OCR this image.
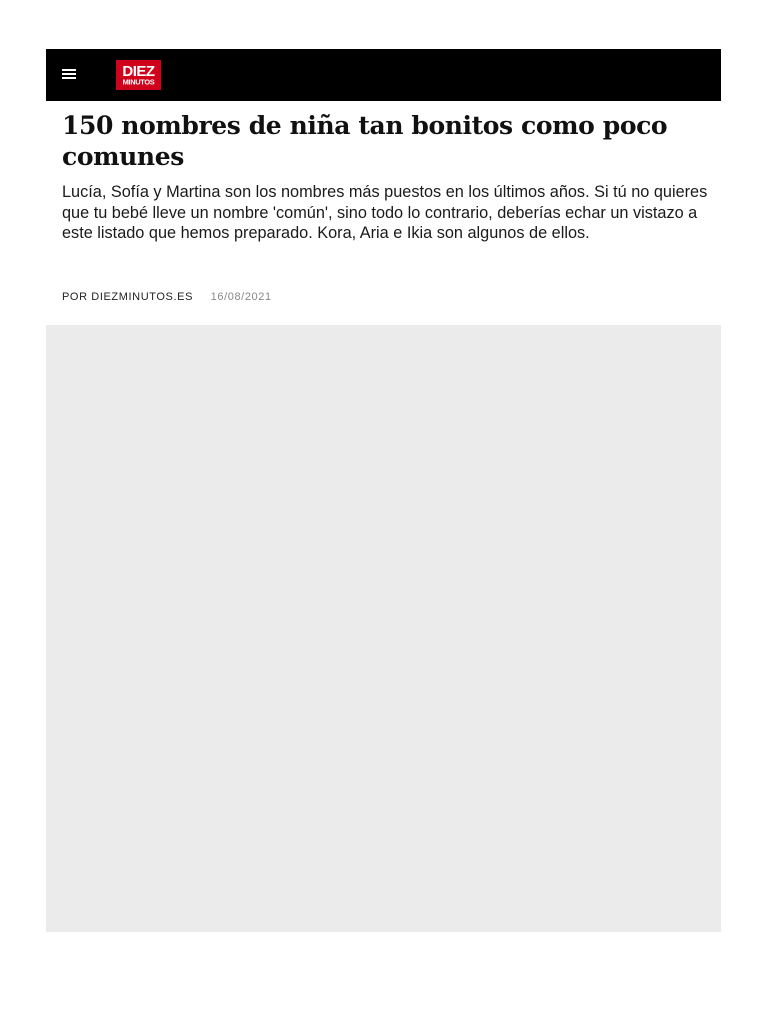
DIEZ
MINUTOS
150 nombres de niña tan bonitos como poco comunes

Lucía, Sofía y Martina son los nombres más puestos en los últimos años. Si tú no quieres que tu bebé lleve un nombre 'común', sino todo lo contrario, deberías echar un vistazo a este listado que hemos preparado. Kora, Aria e Ikia son algunos de ellos.

POR DIEZMINUTOS.ES 16/08/2021
